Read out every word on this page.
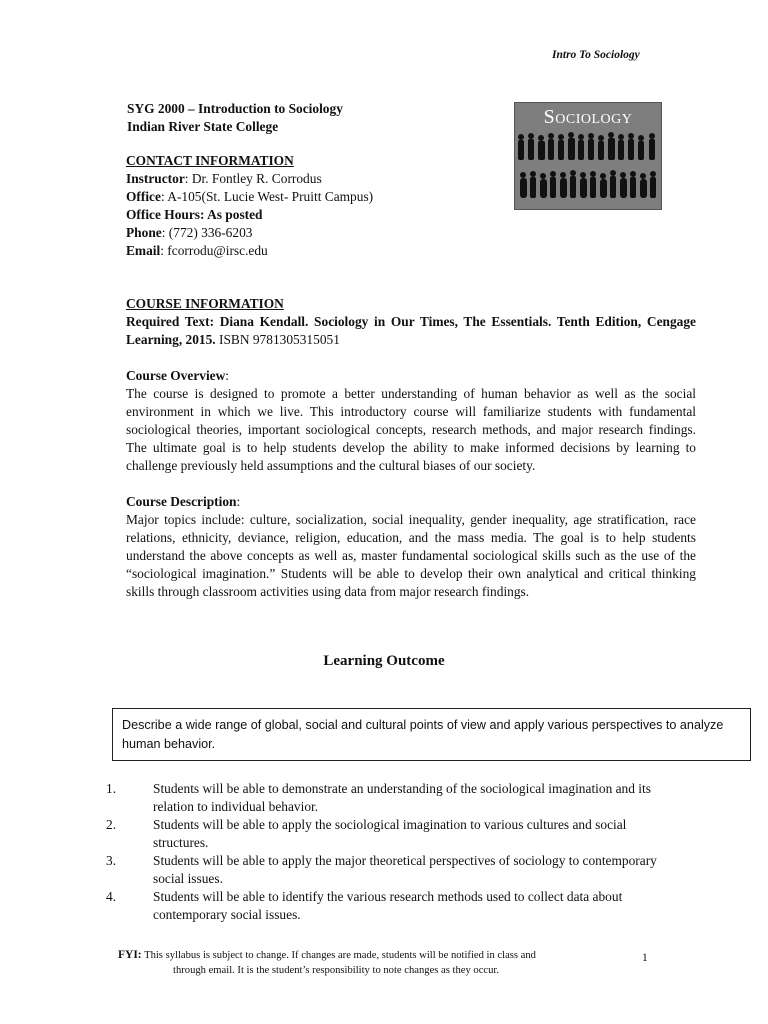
Intro To Sociology
SYG 2000 – Introduction to Sociology
Indian River State College	Sociology
CONTACT INFORMATION
Instructor: Dr. Fontley R. Corrodus
Office: A-105(St. Lucie West- Pruitt Campus)
Office Hours: As posted
Phone: (772) 336-6203
Email: fcorrodu@irsc.edu
COURSE INFORMATION
Required Text: Diana Kendall. Sociology in Our Times, The Essentials. Tenth Edition, Cengage Learning, 2015. ISBN 9781305315051
Course Overview:
The course is designed to promote a better understanding of human behavior as well as the social environment in which we live. This introductory course will familiarize students with fundamental sociological theories, important sociological concepts, research methods, and major research findings. The ultimate goal is to help students develop the ability to make informed decisions by learning to challenge previously held assumptions and the cultural biases of our society.
Course Description:
Major topics include: culture, socialization, social inequality, gender inequality, age stratification, race relations, ethnicity, deviance, religion, education, and the mass media. The goal is to help students understand the above concepts as well as, master fundamental sociological skills such as the use of the “sociological imagination.” Students will be able to develop their own analytical and critical thinking skills through classroom activities using data from major research findings.
Learning Outcome
Describe a wide range of global, social and cultural points of view and apply various perspectives to analyze human behavior.
1.	Students will be able to demonstrate an understanding of the sociological imagination and its relation to individual behavior.
2.	Students will be able to apply the sociological imagination to various cultures and social structures.
3.	Students will be able to apply the major theoretical perspectives of sociology to contemporary social issues.
4.	Students will be able to identify the various research methods used to collect data about contemporary social issues.
FYI: This syllabus is subject to change. If changes are made, students will be notified in class and
through email. It is the student’s responsibility to note changes as they occur.
1
